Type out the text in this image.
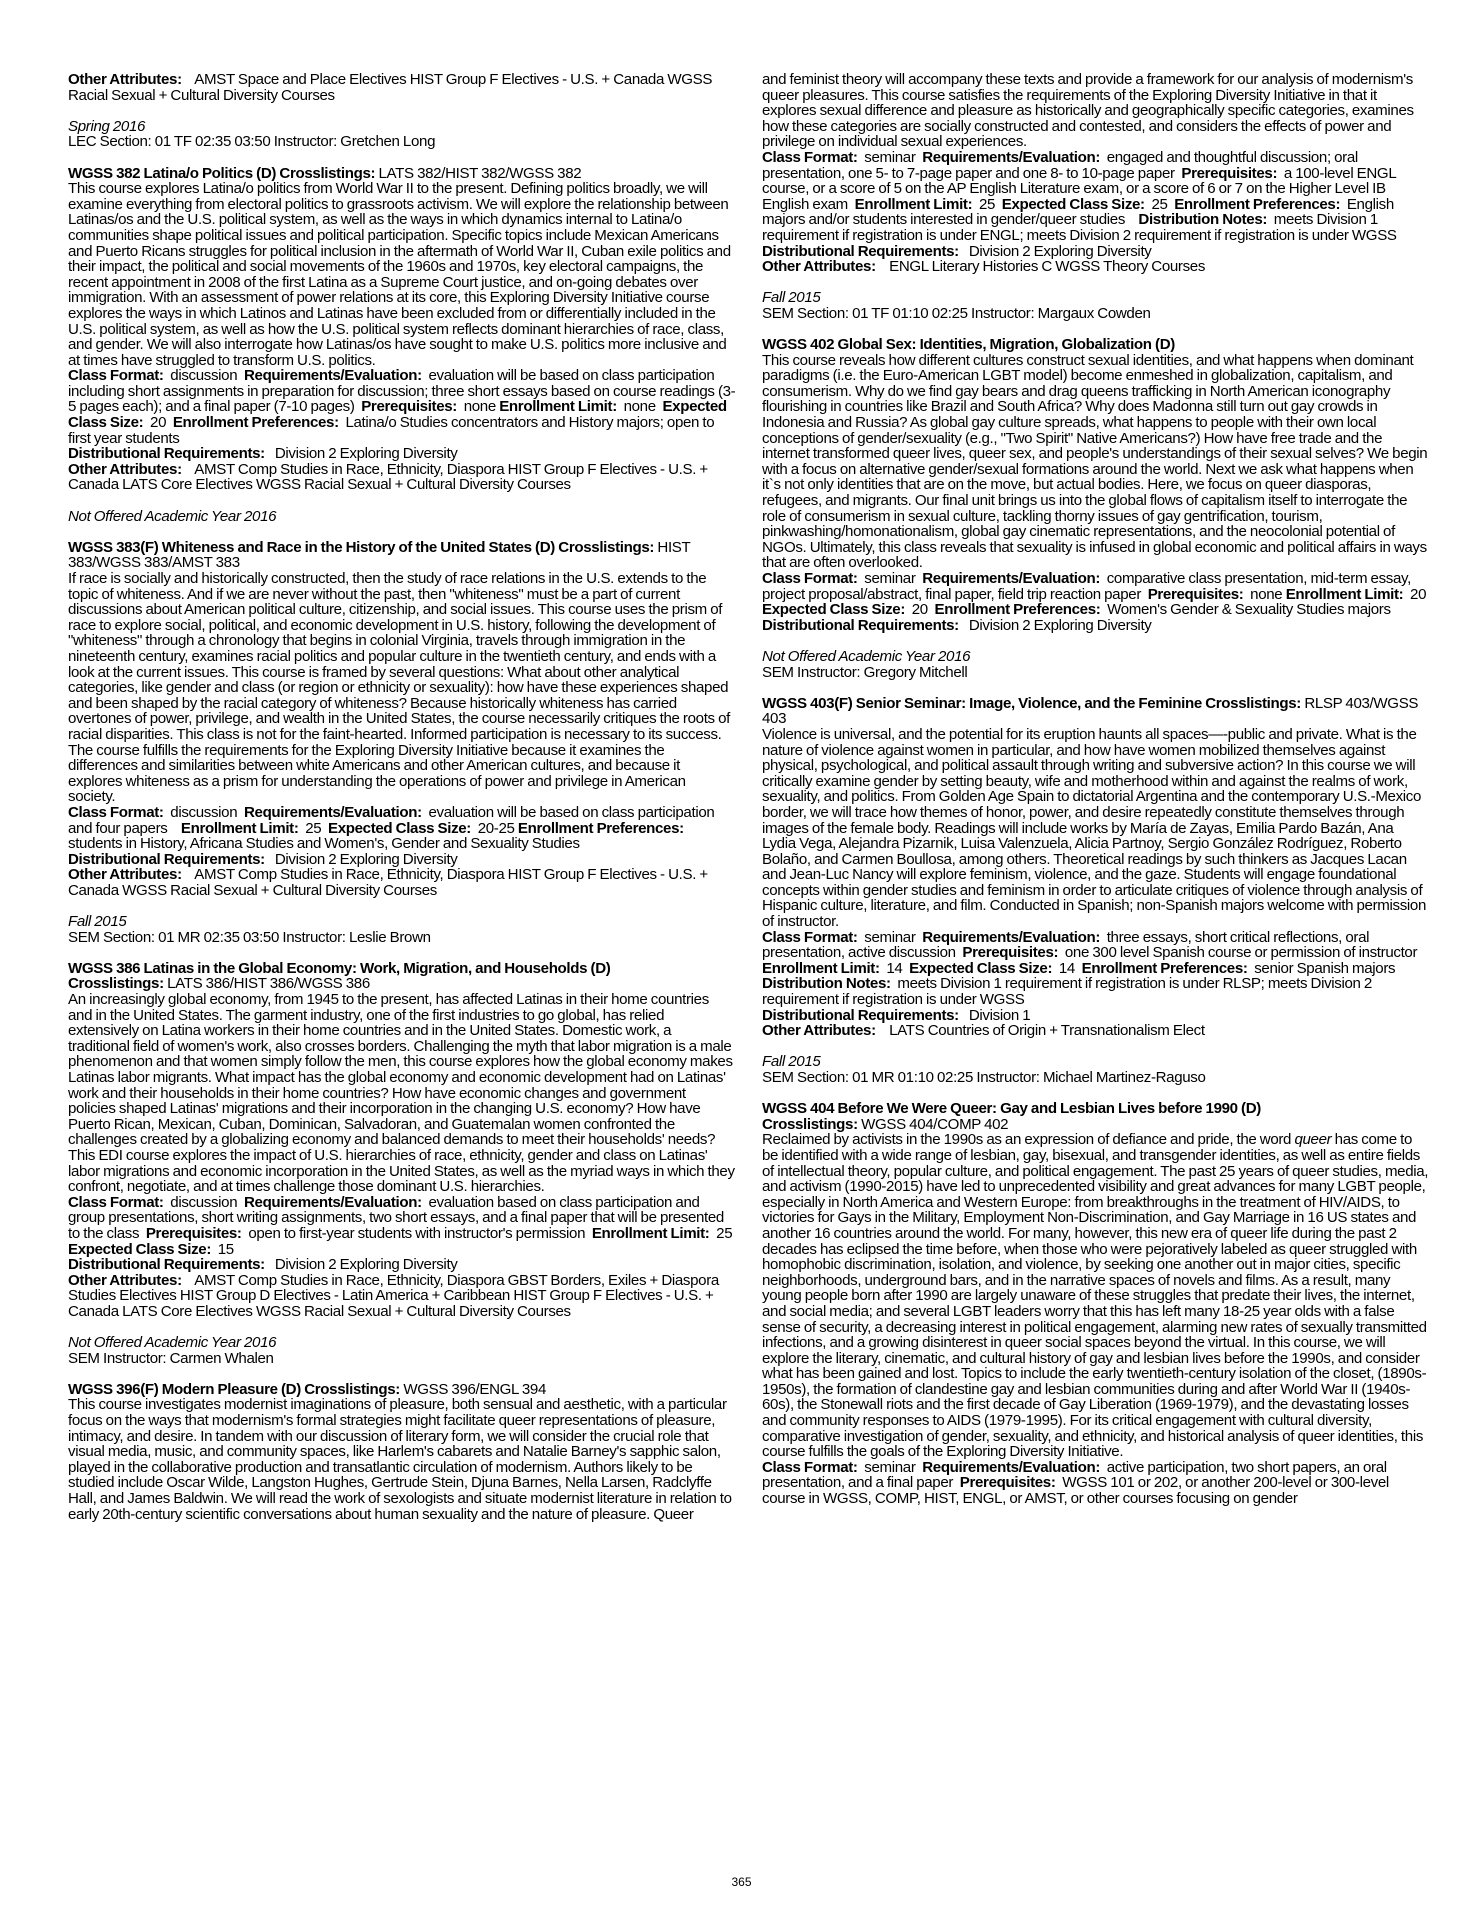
Other Attributes: AMST Space and Place Electives HIST Group F Electives - U.S. + Canada WGSS Racial Sexual + Cultural Diversity Courses

Spring 2016

LEC Section: 01 TF 02:35 03:50 Instructor: Gretchen Long

WGSS 382 Latina/o Politics (D) Crosslistings: LATS 382/HIST 382/WGSS 382

This course explores Latina/o politics from World War II to the present. Defining politics broadly, we will examine everything from electoral politics to grassroots activism. We will explore the relationship between Latinas/os and the U.S. political system, as well as the ways in which dynamics internal to Latina/o communities shape political issues and political participation. Specific topics include Mexican Americans and Puerto Ricans struggles for political inclusion in the aftermath of World War II, Cuban exile politics and their impact, the political and social movements of the 1960s and 1970s, key electoral campaigns, the recent appointment in 2008 of the first Latina as a Supreme Court justice, and on-going debates over immigration. With an assessment of power relations at its core, this Exploring Diversity Initiative course explores the ways in which Latinos and Latinas have been excluded from or differentially included in the U.S. political system, as well as how the U.S. political system reflects dominant hierarchies of race, class, and gender. We will also interrogate how Latinas/os have sought to make U.S. politics more inclusive and at times have struggled to transform U.S. politics.

Class Format: discussion Requirements/Evaluation: evaluation will be based on class participation including short assignments in preparation for discussion; three short essays based on course readings (3-5 pages each); and a final paper (7-10 pages) Prerequisites: none Enrollment Limit: none Expected Class Size: 20 Enrollment Preferences: Latina/o Studies concentrators and History majors; open to first year students

Distributional Requirements: Division 2 Exploring Diversity

Other Attributes: AMST Comp Studies in Race, Ethnicity, Diaspora HIST Group F Electives - U.S. + Canada LATS Core Electives WGSS Racial Sexual + Cultural Diversity Courses

Not Offered Academic Year 2016

WGSS 383(F) Whiteness and Race in the History of the United States (D) Crosslistings: HIST 383/WGSS 383/AMST 383

If race is socially and historically constructed, then the study of race relations in the U.S. extends to the topic of whiteness. And if we are never without the past, then "whiteness" must be a part of current discussions about American political culture, citizenship, and social issues. This course uses the prism of race to explore social, political, and economic development in U.S. history, following the development of "whiteness" through a chronology that begins in colonial Virginia, travels through immigration in the nineteenth century, examines racial politics and popular culture in the twentieth century, and ends with a look at the current issues. This course is framed by several questions: What about other analytical categories, like gender and class (or region or ethnicity or sexuality): how have these experiences shaped and been shaped by the racial category of whiteness? Because historically whiteness has carried overtones of power, privilege, and wealth in the United States, the course necessarily critiques the roots of racial disparities. This class is not for the faint-hearted. Informed participation is necessary to its success. The course fulfills the requirements for the Exploring Diversity Initiative because it examines the differences and similarities between white Americans and other American cultures, and because it explores whiteness as a prism for understanding the operations of power and privilege in American society.

Class Format: discussion Requirements/Evaluation: evaluation will be based on class participation and four papers Enrollment Limit: 25 Expected Class Size: 20-25 Enrollment Preferences:  students in History, Africana Studies and Women's, Gender and Sexuality Studies

Distributional Requirements: Division 2 Exploring Diversity

Other Attributes: AMST Comp Studies in Race, Ethnicity, Diaspora HIST Group F Electives - U.S. + Canada WGSS Racial Sexual + Cultural Diversity Courses

Fall 2015

SEM Section: 01 MR 02:35 03:50 Instructor: Leslie Brown

WGSS 386 Latinas in the Global Economy: Work, Migration, and Households (D)

Crosslistings: LATS 386/HIST 386/WGSS 386

An increasingly global economy, from 1945 to the present, has affected Latinas in their home countries and in the United States. The garment industry, one of the first industries to go global, has relied extensively on Latina workers in their home countries and in the United States. Domestic work, a traditional field of women's work, also crosses borders. Challenging the myth that labor migration is a male phenomenon and that women simply follow the men, this course explores how the global economy makes Latinas labor migrants. What impact has the global economy and economic development had on Latinas' work and their households in their home countries? How have economic changes and government policies shaped Latinas' migrations and their incorporation in the changing U.S. economy? How have Puerto Rican, Mexican, Cuban, Dominican, Salvadoran, and Guatemalan women confronted the challenges created by a globalizing economy and balanced demands to meet their households' needs? This EDI course explores the impact of U.S. hierarchies of race, ethnicity, gender and class on Latinas' labor migrations and economic incorporation in the United States, as well as the myriad ways in which they confront, negotiate, and at times challenge those dominant U.S. hierarchies.

Class Format: discussion Requirements/Evaluation: evaluation based on class participation and group presentations, short writing assignments, two short essays, and a final paper that will be presented to the class Prerequisites: open to first-year students with instructor's permission Enrollment Limit: 25  Expected Class Size: 15

Distributional Requirements: Division 2 Exploring Diversity

Other Attributes: AMST Comp Studies in Race, Ethnicity, Diaspora GBST Borders, Exiles + Diaspora Studies Electives HIST Group D Electives - Latin America + Caribbean HIST Group F Electives - U.S. + Canada LATS Core Electives WGSS Racial Sexual + Cultural Diversity Courses

Not Offered Academic Year 2016

SEM Instructor: Carmen Whalen

WGSS 396(F) Modern Pleasure (D) Crosslistings: WGSS 396/ENGL 394

This course investigates modernist imaginations of pleasure, both sensual and aesthetic, with a particular focus on the ways that modernism's formal strategies might facilitate queer representations of pleasure, intimacy, and desire. In tandem with our discussion of literary form, we will consider the crucial role that visual media, music, and community spaces, like Harlem's cabarets and Natalie Barney's sapphic salon, played in the collaborative production and transatlantic circulation of modernism. Authors likely to be studied include Oscar Wilde, Langston Hughes, Gertrude Stein, Djuna Barnes, Nella Larsen, Radclyffe Hall, and James Baldwin. We will read the work of sexologists and situate modernist literature in relation to early 20th-century scientific conversations about human sexuality and the nature of pleasure. Queer

and feminist theory will accompany these texts and provide a framework for our analysis of modernism's queer pleasures. This course satisfies the requirements of the Exploring Diversity Initiative in that it explores sexual difference and pleasure as historically and geographically specific categories, examines how these categories are socially constructed and contested, and considers the effects of power and privilege on individual sexual experiences.

Class Format: seminar Requirements/Evaluation: engaged and thoughtful discussion; oral presentation, one 5- to 7-page paper and one 8- to 10-page paper Prerequisites: a 100-level ENGL course, or a score of 5 on the AP English Literature exam, or a score of 6 or 7 on the Higher Level IB English exam Enrollment Limit: 25 Expected Class Size: 25 Enrollment Preferences: English majors and/or students interested in gender/queer studies Distribution Notes: meets Division 1 requirement if registration is under ENGL; meets Division 2 requirement if registration is under WGSS

Distributional Requirements: Division 2 Exploring Diversity

Other Attributes: ENGL Literary Histories C WGSS Theory Courses

Fall 2015

SEM Section: 01 TF 01:10 02:25 Instructor: Margaux Cowden

WGSS 402 Global Sex: Identities, Migration, Globalization (D)

This course reveals how different cultures construct sexual identities, and what happens when dominant paradigms (i.e. the Euro-American LGBT model) become enmeshed in globalization, capitalism, and consumerism. Why do we find gay bears and drag queens trafficking in North American iconography flourishing in countries like Brazil and South Africa? Why does Madonna still turn out gay crowds in Indonesia and Russia? As global gay culture spreads, what happens to people with their own local conceptions of gender/sexuality (e.g., "Two Spirit" Native Americans?) How have free trade and the internet transformed queer lives, queer sex, and people's understandings of their sexual selves? We begin with a focus on alternative gender/sexual formations around the world. Next we ask what happens when it`s not only identities that are on the move, but actual bodies. Here, we focus on queer diasporas, refugees, and migrants. Our final unit brings us into the global flows of capitalism itself to interrogate the role of consumerism in sexual culture, tackling thorny issues of gay gentrification, tourism, pinkwashing/homonationalism, global gay cinematic representations, and the neocolonial potential of NGOs. Ultimately, this class reveals that sexuality is infused in global economic and political affairs in ways that are often overlooked.

Class Format: seminar Requirements/Evaluation: comparative class presentation, mid-term essay, project proposal/abstract, final paper, field trip reaction paper Prerequisites: none Enrollment Limit: 20  Expected Class Size: 20 Enrollment Preferences: Women's Gender & Sexuality Studies majors

Distributional Requirements: Division 2 Exploring Diversity

Not Offered Academic Year 2016

SEM Instructor: Gregory Mitchell

WGSS 403(F) Senior Seminar: Image, Violence, and the Feminine Crosslistings: RLSP 403/WGSS 403

Violence is universal, and the potential for its eruption haunts all spaces—-public and private. What is the nature of violence against women in particular, and how have women mobilized themselves against physical, psychological, and political assault through writing and subversive action? In this course we will critically examine gender by setting beauty, wife and motherhood within and against the realms of work, sexuality, and politics. From Golden Age Spain to dictatorial Argentina and the contemporary U.S.-Mexico border, we will trace how themes of honor, power, and desire repeatedly constitute themselves through images of the female body. Readings will include works by María de Zayas, Emilia Pardo Bazán, Ana Lydia Vega, Alejandra Pizarnik, Luisa Valenzuela, Alicia Partnoy, Sergio González Rodríguez, Roberto Bolaño, and Carmen Boullosa, among others. Theoretical readings by such thinkers as Jacques Lacan and Jean-Luc Nancy will explore feminism, violence, and the gaze. Students will engage foundational concepts within gender studies and feminism in order to articulate critiques of violence through analysis of Hispanic culture, literature, and film. Conducted in Spanish; non-Spanish majors welcome with permission of instructor.

Class Format: seminar Requirements/Evaluation: three essays, short critical reflections, oral presentation, active discussion Prerequisites: one 300 level Spanish course or permission of instructor  Enrollment Limit: 14 Expected Class Size: 14 Enrollment Preferences: senior Spanish majors   Distribution Notes: meets Division 1 requirement if registration is under RLSP; meets Division 2 requirement if registration is under WGSS

Distributional Requirements: Division 1

Other Attributes: LATS Countries of Origin + Transnationalism Elect

Fall 2015

SEM Section: 01 MR 01:10 02:25 Instructor: Michael Martinez-Raguso

WGSS 404 Before We Were Queer: Gay and Lesbian Lives before 1990 (D)

Crosslistings: WGSS 404/COMP 402

Reclaimed by activists in the 1990s as an expression of defiance and pride, the word queer has come to be identified with a wide range of lesbian, gay, bisexual, and transgender identities, as well as entire fields of intellectual theory, popular culture, and political engagement. The past 25 years of queer studies, media, and activism (1990-2015) have led to unprecedented visibility and great advances for many LGBT people, especially in North America and Western Europe: from breakthroughs in the treatment of HIV/AIDS, to victories for Gays in the Military, Employment Non-Discrimination, and Gay Marriage in 16 US states and another 16 countries around the world. For many, however, this new era of queer life during the past 2 decades has eclipsed the time before, when those who were pejoratively labeled as queer struggled with homophobic discrimination, isolation, and violence, by seeking one another out in major cities, specific neighborhoods, underground bars, and in the narrative spaces of novels and films. As a result, many young people born after 1990 are largely unaware of these struggles that predate their lives, the internet, and social media; and several LGBT leaders worry that this has left many 18-25 year olds with a false sense of security, a decreasing interest in political engagement, alarming new rates of sexually transmitted infections, and a growing disinterest in queer social spaces beyond the virtual. In this course, we will explore the literary, cinematic, and cultural history of gay and lesbian lives before the 1990s, and consider what has been gained and lost. Topics to include the early twentieth-century isolation of the closet, (1890s-1950s), the formation of clandestine gay and lesbian communities during and after World War II (1940s-60s), the Stonewall riots and the first decade of Gay Liberation (1969-1979), and the devastating losses and community responses to AIDS (1979-1995). For its critical engagement with cultural diversity, comparative investigation of gender, sexuality, and ethnicity, and historical analysis of queer identities, this course fulfills the goals of the Exploring Diversity Initiative.

Class Format: seminar Requirements/Evaluation: active participation, two short papers, an oral presentation, and a final paper Prerequisites: WGSS 101 or 202, or another 200-level or 300-level course in WGSS, COMP, HIST, ENGL, or AMST, or other courses focusing on gender

365
